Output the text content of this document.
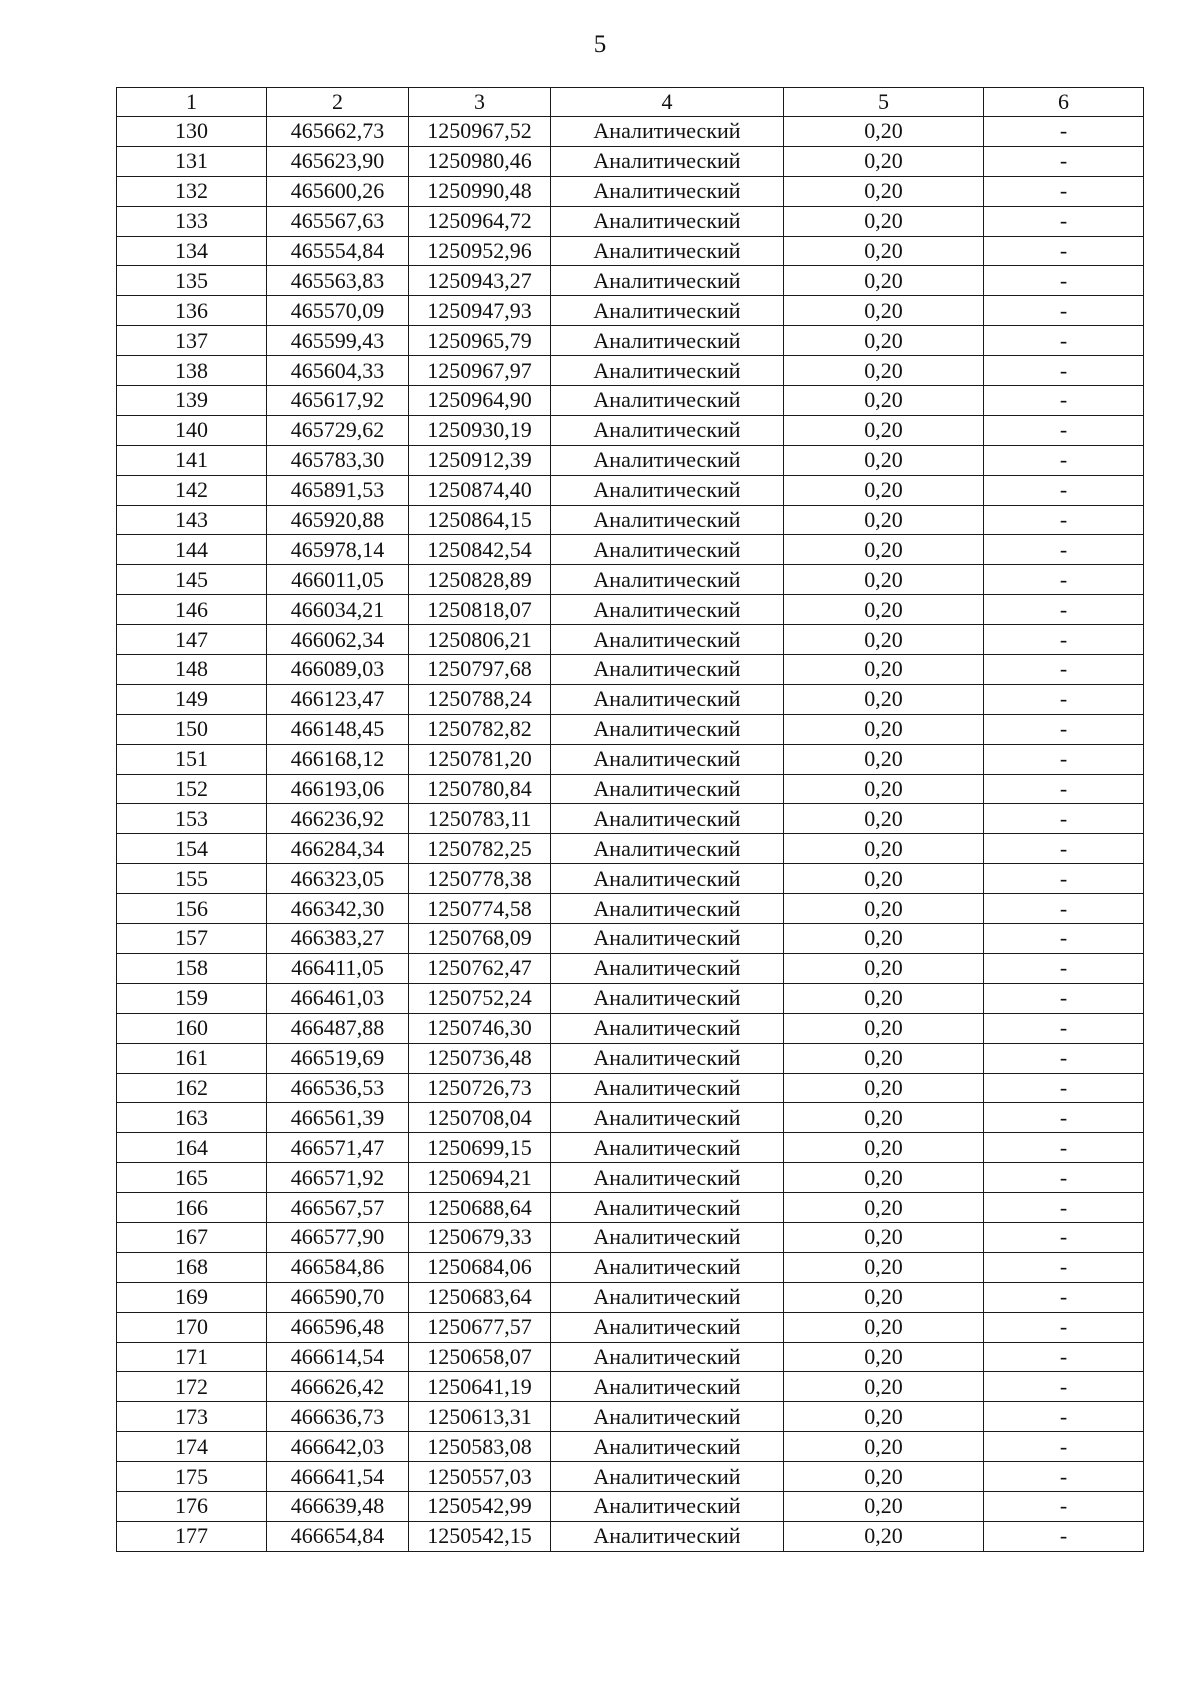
5
1	2	3	4	5	6
130	465662,73	1250967,52	Аналитический	0,20	-
131	465623,90	1250980,46	Аналитический	0,20	-
132	465600,26	1250990,48	Аналитический	0,20	-
133	465567,63	1250964,72	Аналитический	0,20	-
134	465554,84	1250952,96	Аналитический	0,20	-
135	465563,83	1250943,27	Аналитический	0,20	-
136	465570,09	1250947,93	Аналитический	0,20	-
137	465599,43	1250965,79	Аналитический	0,20	-
138	465604,33	1250967,97	Аналитический	0,20	-
139	465617,92	1250964,90	Аналитический	0,20	-
140	465729,62	1250930,19	Аналитический	0,20	-
141	465783,30	1250912,39	Аналитический	0,20	-
142	465891,53	1250874,40	Аналитический	0,20	-
143	465920,88	1250864,15	Аналитический	0,20	-
144	465978,14	1250842,54	Аналитический	0,20	-
145	466011,05	1250828,89	Аналитический	0,20	-
146	466034,21	1250818,07	Аналитический	0,20	-
147	466062,34	1250806,21	Аналитический	0,20	-
148	466089,03	1250797,68	Аналитический	0,20	-
149	466123,47	1250788,24	Аналитический	0,20	-
150	466148,45	1250782,82	Аналитический	0,20	-
151	466168,12	1250781,20	Аналитический	0,20	-
152	466193,06	1250780,84	Аналитический	0,20	-
153	466236,92	1250783,11	Аналитический	0,20	-
154	466284,34	1250782,25	Аналитический	0,20	-
155	466323,05	1250778,38	Аналитический	0,20	-
156	466342,30	1250774,58	Аналитический	0,20	-
157	466383,27	1250768,09	Аналитический	0,20	-
158	466411,05	1250762,47	Аналитический	0,20	-
159	466461,03	1250752,24	Аналитический	0,20	-
160	466487,88	1250746,30	Аналитический	0,20	-
161	466519,69	1250736,48	Аналитический	0,20	-
162	466536,53	1250726,73	Аналитический	0,20	-
163	466561,39	1250708,04	Аналитический	0,20	-
164	466571,47	1250699,15	Аналитический	0,20	-
165	466571,92	1250694,21	Аналитический	0,20	-
166	466567,57	1250688,64	Аналитический	0,20	-
167	466577,90	1250679,33	Аналитический	0,20	-
168	466584,86	1250684,06	Аналитический	0,20	-
169	466590,70	1250683,64	Аналитический	0,20	-
170	466596,48	1250677,57	Аналитический	0,20	-
171	466614,54	1250658,07	Аналитический	0,20	-
172	466626,42	1250641,19	Аналитический	0,20	-
173	466636,73	1250613,31	Аналитический	0,20	-
174	466642,03	1250583,08	Аналитический	0,20	-
175	466641,54	1250557,03	Аналитический	0,20	-
176	466639,48	1250542,99	Аналитический	0,20	-
177	466654,84	1250542,15	Аналитический	0,20	-
